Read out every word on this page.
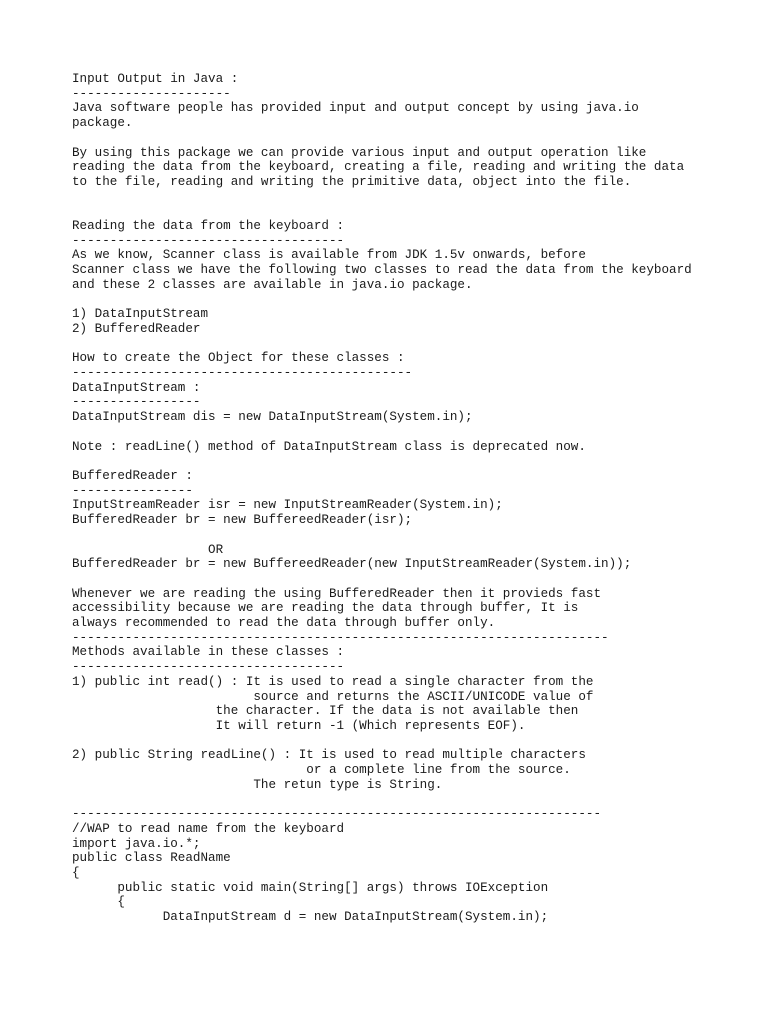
Input Output in Java :
---------------------
Java software people has provided input and output concept by using java.io
package.

By using this package we can provide various input and output operation like
reading the data from the keyboard, creating a file, reading and writing the data
to the file, reading and writing the primitive data, object into the file.

Reading the data from the keyboard :
------------------------------------
As we know, Scanner class is available from JDK 1.5v onwards, before
Scanner class we have the following two classes to read the data from the keyboard
and these 2 classes are available in java.io package.

1) DataInputStream
2) BufferedReader

How to create the Object for these classes :
---------------------------------------------
DataInputStream :
-----------------
DataInputStream dis = new DataInputStream(System.in);

Note : readLine() method of DataInputStream class is deprecated now.

BufferedReader :
----------------
InputStreamReader isr = new InputStreamReader(System.in);
BufferedReader br = new BuffereedReader(isr);

OR
BufferedReader br = new BuffereedReader(new InputStreamReader(System.in));

Whenever we are reading the using BufferedReader then it provieds fast
accessibility because we are reading the data through buffer, It is
always recommended to read the data through buffer only.
-----------------------------------------------------------------------
Methods available in these classes :
------------------------------------
1) public int read() : It is used to read a single character from the
source and returns the ASCII/UNICODE value of
the character. If the data is not available then
It will return -1 (Which represents EOF).

2) public String readLine() : It is used to read multiple characters
or a complete line from the source.
The retun type is String.

----------------------------------------------------------------------
//WAP to read name from the keyboard
import java.io.*;
public class ReadName
{
public static void main(String[] args) throws IOException
{
DataInputStream d = new DataInputStream(System.in);
